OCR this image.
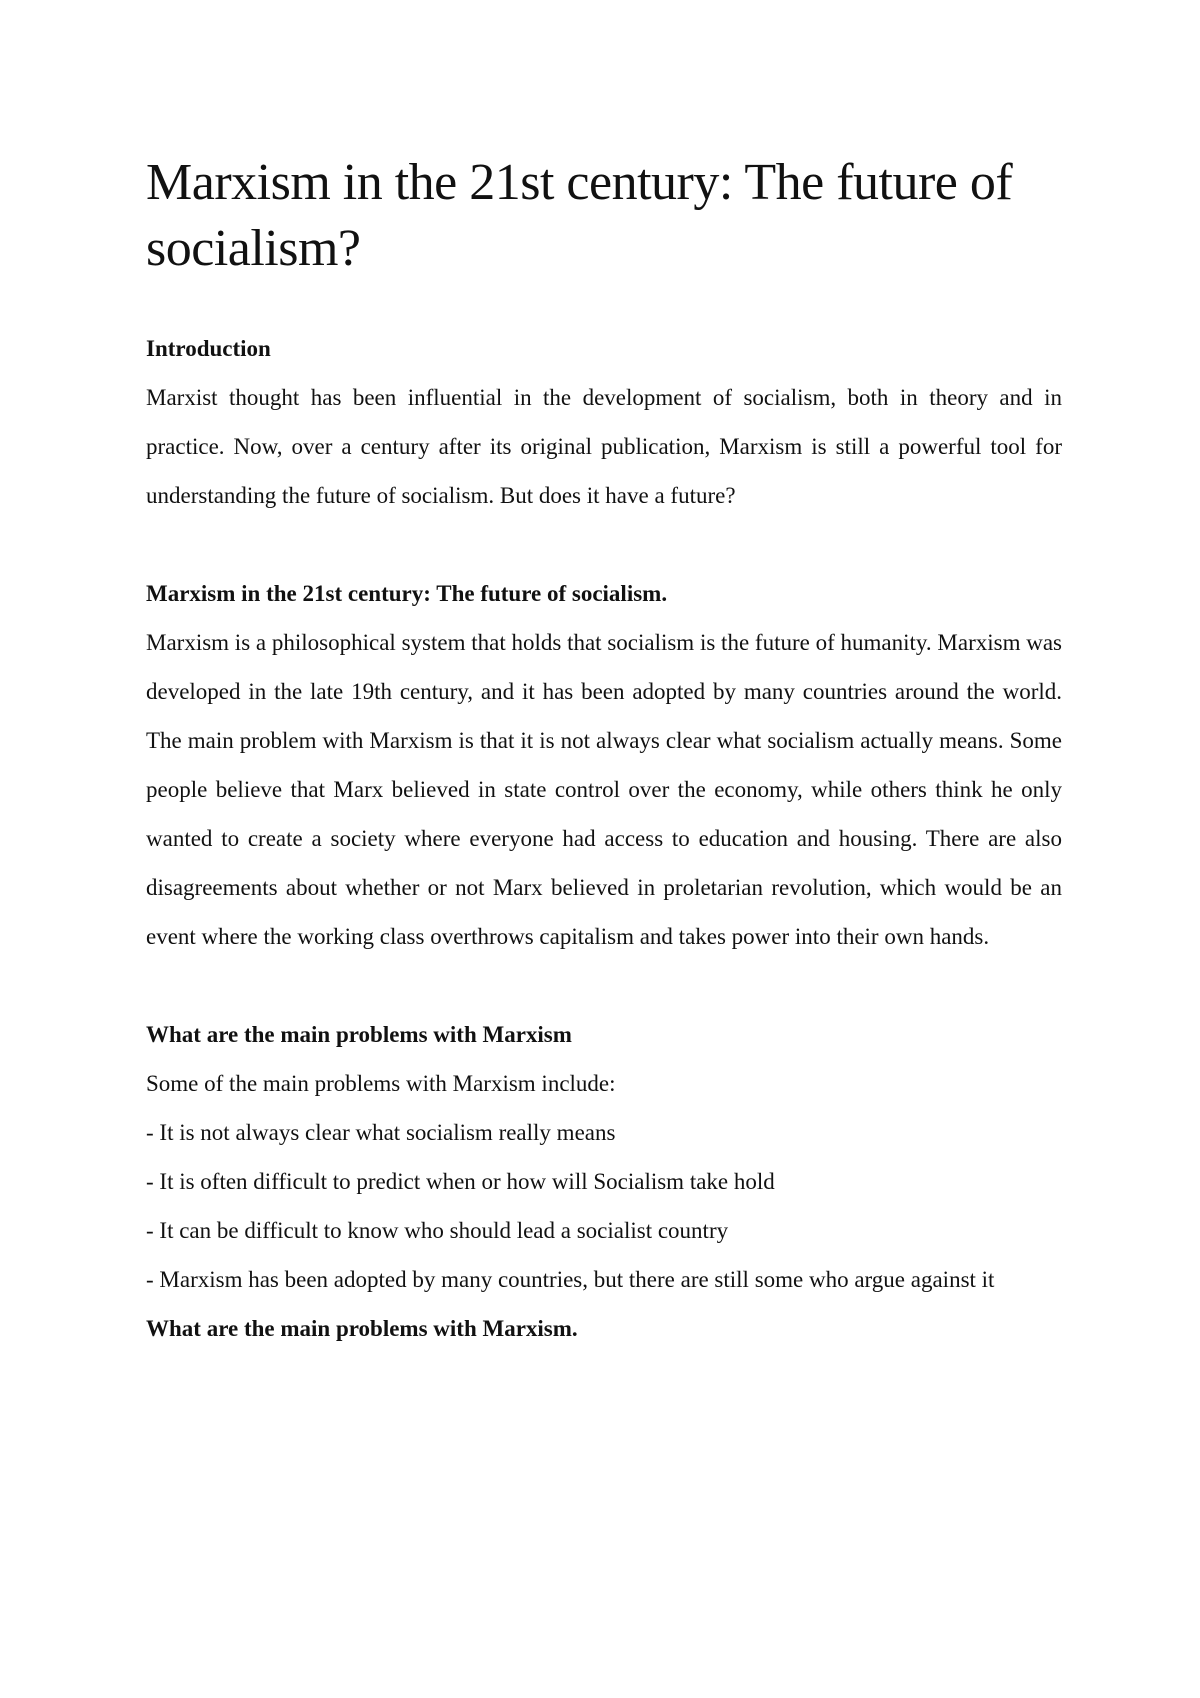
Marxism in the 21st century: The future of socialism?

Introduction

Marxist thought has been influential in the development of socialism, both in theory and in practice. Now, over a century after its original publication, Marxism is still a powerful tool for understanding the future of socialism. But does it have a future?

Marxism in the 21st century: The future of socialism.

Marxism is a philosophical system that holds that socialism is the future of humanity. Marxism was developed in the late 19th century, and it has been adopted by many countries around the world. The main problem with Marxism is that it is not always clear what socialism actually means. Some people believe that Marx believed in state control over the economy, while others think he only wanted to create a society where everyone had access to education and housing. There are also disagreements about whether or not Marx believed in proletarian revolution, which would be an event where the working class overthrows capitalism and takes power into their own hands.

What are the main problems with Marxism

Some of the main problems with Marxism include:

- It is not always clear what socialism really means

- It is often difficult to predict when or how will Socialism take hold

- It can be difficult to know who should lead a socialist country

- Marxism has been adopted by many countries, but there are still some who argue against it

What are the main problems with Marxism.
